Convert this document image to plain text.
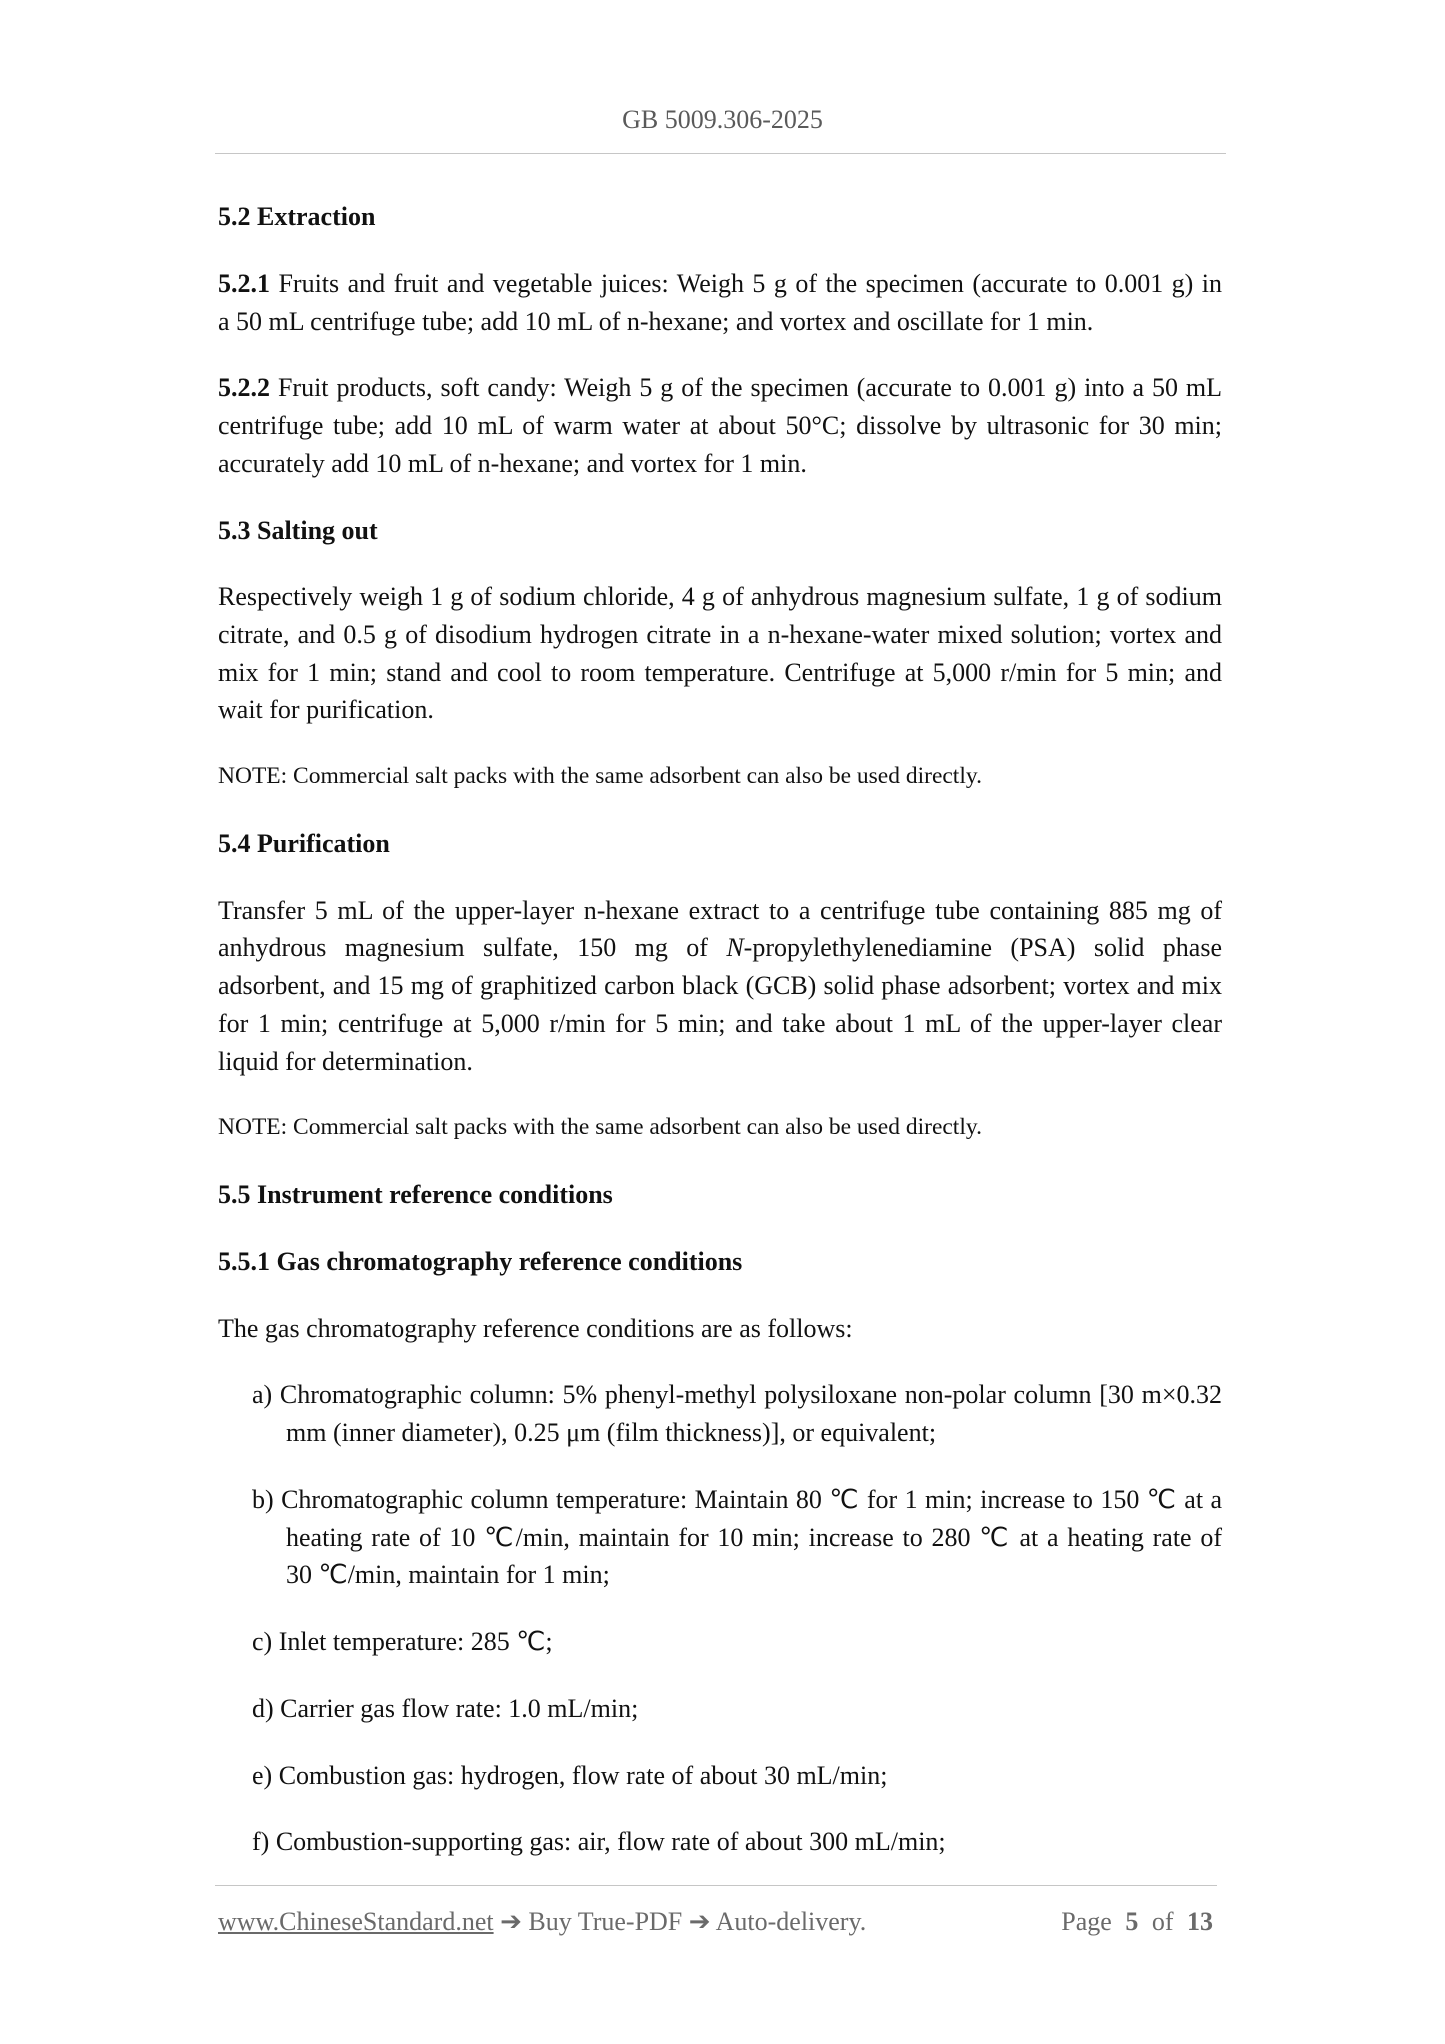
GB 5009.306-2025
5.2 Extraction
5.2.1 Fruits and fruit and vegetable juices: Weigh 5 g of the specimen (accurate to 0.001 g) in
a 50 mL centrifuge tube; add 10 mL of n-hexane; and vortex and oscillate for 1 min.
5.2.2 Fruit products, soft candy: Weigh 5 g of the specimen (accurate to 0.001 g) into a 50 mL
centrifuge tube; add 10 mL of warm water at about 50°C; dissolve by ultrasonic for 30 min;
accurately add 10 mL of n-hexane; and vortex for 1 min.
5.3 Salting out
Respectively weigh 1 g of sodium chloride, 4 g of anhydrous magnesium sulfate, 1 g of sodium
citrate, and 0.5 g of disodium hydrogen citrate in a n-hexane-water mixed solution; vortex and
mix for 1 min; stand and cool to room temperature. Centrifuge at 5,000 r/min for 5 min; and
wait for purification.
NOTE: Commercial salt packs with the same adsorbent can also be used directly.
5.4 Purification
Transfer 5 mL of the upper-layer n-hexane extract to a centrifuge tube containing 885 mg of
anhydrous magnesium sulfate, 150 mg of N-propylethylenediamine (PSA) solid phase
adsorbent, and 15 mg of graphitized carbon black (GCB) solid phase adsorbent; vortex and mix
for 1 min; centrifuge at 5,000 r/min for 5 min; and take about 1 mL of the upper-layer clear
liquid for determination.
NOTE: Commercial salt packs with the same adsorbent can also be used directly.
5.5 Instrument reference conditions
5.5.1 Gas chromatography reference conditions
The gas chromatography reference conditions are as follows:
a) Chromatographic column: 5% phenyl-methyl polysiloxane non-polar column [30 m×0.32
mm (inner diameter), 0.25 μm (film thickness)], or equivalent;
b) Chromatographic column temperature: Maintain 80 ℃ for 1 min; increase to 150 ℃ at a
heating rate of 10 ℃/min, maintain for 10 min; increase to 280 ℃ at a heating rate of
30 ℃/min, maintain for 1 min;
c) Inlet temperature: 285 ℃;
d) Carrier gas flow rate: 1.0 mL/min;
e) Combustion gas: hydrogen, flow rate of about 30 mL/min;
f) Combustion-supporting gas: air, flow rate of about 300 mL/min;
www.ChineseStandard.net ➔ Buy True-PDF ➔ Auto-delivery.	Page 5 of 13
